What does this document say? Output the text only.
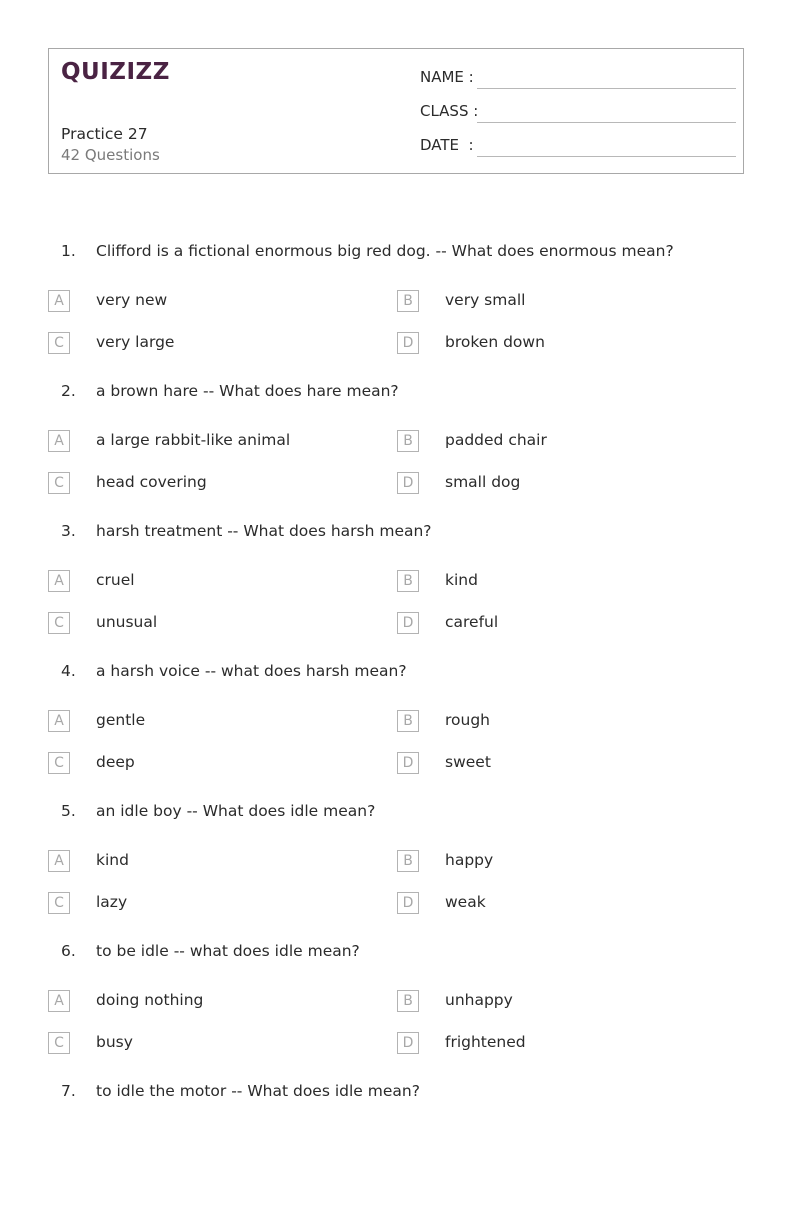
QUIZIZZ
Practice 27
42 Questions
NAME :
CLASS :
DATE  :
1. Clifford is a fictional enormous big red dog. -- What does enormous mean?
A	very new	B	very small
C	very large	D	broken down
2. a brown hare -- What does hare mean?
A	a large rabbit-like animal	B	padded chair
C	head covering	D	small dog
3. harsh treatment -- What does harsh mean?
A	cruel	B	kind
C	unusual	D	careful
4. a harsh voice -- what does harsh mean?
A	gentle	B	rough
C	deep	D	sweet
5. an idle boy -- What does idle mean?
A	kind	B	happy
C	lazy	D	weak
6. to be idle -- what does idle mean?
A	doing nothing	B	unhappy
C	busy	D	frightened
7. to idle the motor -- What does idle mean?
